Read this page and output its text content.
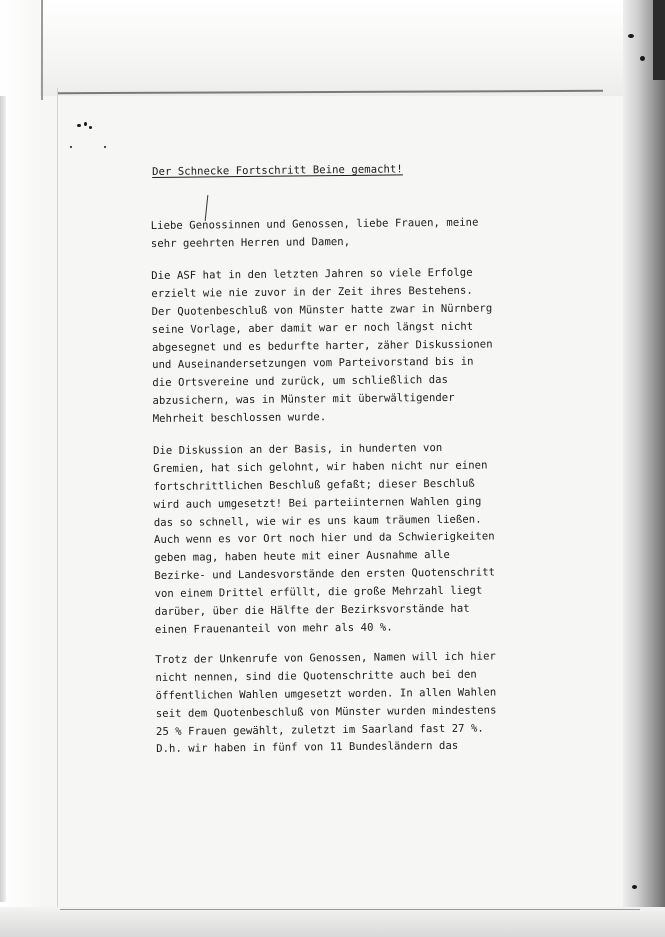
Der Schnecke Fortschritt Beine gemacht!
Liebe Genossinnen und Genossen, liebe Frauen, meine
sehr geehrten Herren und Damen,
Die ASF hat in den letzten Jahren so viele Erfolge
erzielt wie nie zuvor in der Zeit ihres Bestehens.
Der Quotenbeschluß von Münster hatte zwar in Nürnberg
seine Vorlage, aber damit war er noch längst nicht
abgesegnet und es bedurfte harter, zäher Diskussionen
und Auseinandersetzungen vom Parteivorstand bis in
die Ortsvereine und zurück, um schließlich das
abzusichern, was in Münster mit überwältigender
Mehrheit beschlossen wurde.
Die Diskussion an der Basis, in hunderten von
Gremien, hat sich gelohnt, wir haben nicht nur einen
fortschrittlichen Beschluß gefaßt; dieser Beschluß
wird auch umgesetzt! Bei parteiinternen Wahlen ging
das so schnell, wie wir es uns kaum träumen ließen.
Auch wenn es vor Ort noch hier und da Schwierigkeiten
geben mag, haben heute mit einer Ausnahme alle
Bezirke- und Landesvorstände den ersten Quotenschritt
von einem Drittel erfüllt, die große Mehrzahl liegt
darüber, über die Hälfte der Bezirksvorstände hat
einen Frauenanteil von mehr als 40 %.
Trotz der Unkenrufe von Genossen, Namen will ich hier
nicht nennen, sind die Quotenschritte auch bei den
öffentlichen Wahlen umgesetzt worden. In allen Wahlen
seit dem Quotenbeschluß von Münster wurden mindestens
25 % Frauen gewählt, zuletzt im Saarland fast 27 %.
D.h. wir haben in fünf von 11 Bundesländern das
